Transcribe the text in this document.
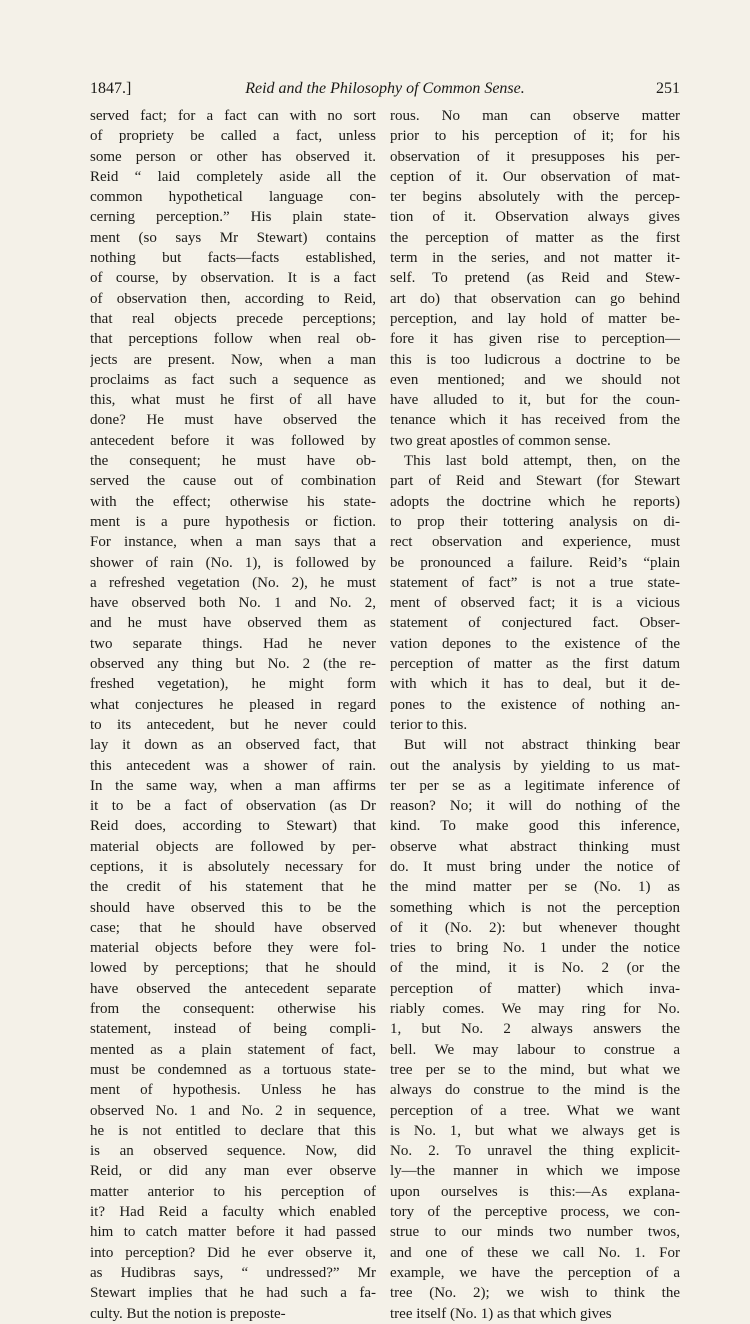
1847.]	Reid and the Philosophy of Common Sense.	251
served fact; for a fact can with no sort
of propriety be called a fact, unless
some person or other has observed it.
Reid “ laid completely aside all the
common hypothetical language con-
cerning perception.” His plain state-
ment (so says Mr Stewart) contains
nothing but facts—facts established,
of course, by observation. It is a fact
of observation then, according to Reid,
that real objects precede perceptions;
that perceptions follow when real ob-
jects are present. Now, when a man
proclaims as fact such a sequence as
this, what must he first of all have
done? He must have observed the
antecedent before it was followed by
the consequent; he must have ob-
served the cause out of combination
with the effect; otherwise his state-
ment is a pure hypothesis or fiction.
For instance, when a man says that a
shower of rain (No. 1), is followed by
a refreshed vegetation (No. 2), he must
have observed both No. 1 and No. 2,
and he must have observed them as
two separate things. Had he never
observed any thing but No. 2 (the re-
freshed vegetation), he might form
what conjectures he pleased in regard
to its antecedent, but he never could
lay it down as an observed fact, that
this antecedent was a shower of rain.
In the same way, when a man affirms
it to be a fact of observation (as Dr
Reid does, according to Stewart) that
material objects are followed by per-
ceptions, it is absolutely necessary for
the credit of his statement that he
should have observed this to be the
case; that he should have observed
material objects before they were fol-
lowed by perceptions; that he should
have observed the antecedent separate
from the consequent: otherwise his
statement, instead of being compli-
mented as a plain statement of fact,
must be condemned as a tortuous state-
ment of hypothesis. Unless he has
observed No. 1 and No. 2 in sequence,
he is not entitled to declare that this
is an observed sequence. Now, did
Reid, or did any man ever observe
matter anterior to his perception of
it? Had Reid a faculty which enabled
him to catch matter before it had passed
into perception? Did he ever observe it,
as Hudibras says, “ undressed?” Mr
Stewart implies that he had such a fa-
culty. But the notion is preposte-
rous. No man can observe matter
prior to his perception of it; for his
observation of it presupposes his per-
ception of it. Our observation of mat-
ter begins absolutely with the percep-
tion of it. Observation always gives
the perception of matter as the first
term in the series, and not matter it-
self. To pretend (as Reid and Stew-
art do) that observation can go behind
perception, and lay hold of matter be-
fore it has given rise to perception—
this is too ludicrous a doctrine to be
even mentioned; and we should not
have alluded to it, but for the coun-
tenance which it has received from the
two great apostles of common sense.
This last bold attempt, then, on the
part of Reid and Stewart (for Stewart
adopts the doctrine which he reports)
to prop their tottering analysis on di-
rect observation and experience, must
be pronounced a failure. Reid’s “plain
statement of fact” is not a true state-
ment of observed fact; it is a vicious
statement of conjectured fact. Obser-
vation depones to the existence of the
perception of matter as the first datum
with which it has to deal, but it de-
pones to the existence of nothing an-
terior to this.
But will not abstract thinking bear
out the analysis by yielding to us mat-
ter per se as a legitimate inference of
reason? No; it will do nothing of the
kind. To make good this inference,
observe what abstract thinking must
do. It must bring under the notice of
the mind matter per se (No. 1) as
something which is not the perception
of it (No. 2): but whenever thought
tries to bring No. 1 under the notice
of the mind, it is No. 2 (or the
perception of matter) which inva-
riably comes. We may ring for No.
1, but No. 2 always answers the
bell. We may labour to construe a
tree per se to the mind, but what we
always do construe to the mind is the
perception of a tree. What we want
is No. 1, but what we always get is
No. 2. To unravel the thing explicit-
ly—the manner in which we impose
upon ourselves is this:—As explana-
tory of the perceptive process, we con-
strue to our minds two number twos,
and one of these we call No. 1. For
example, we have the perception of a
tree (No. 2); we wish to think the
tree itself (No. 1) as that which gives
